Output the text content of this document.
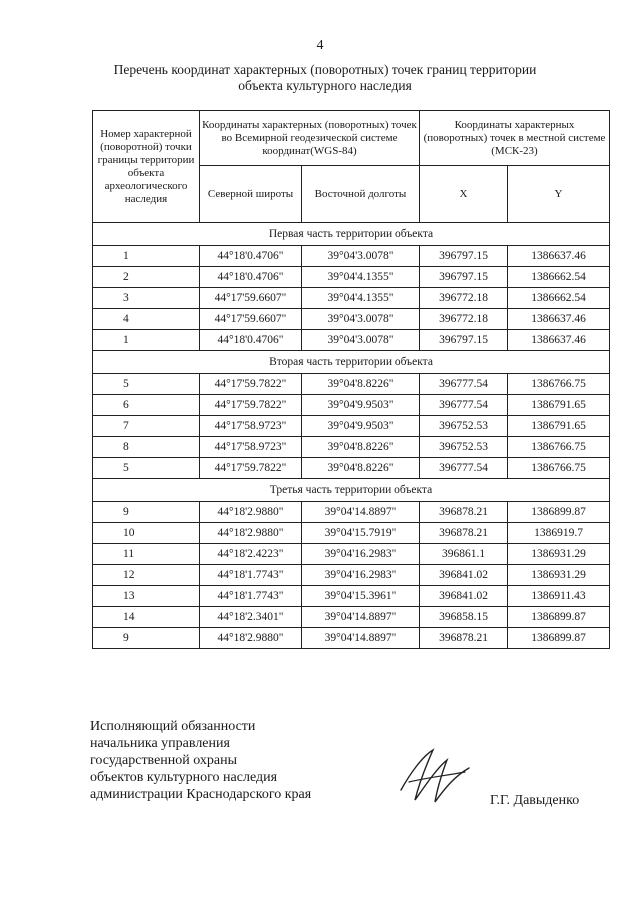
4
Перечень координат характерных (поворотных) точек границ территории
объекта культурного наследия
Номер характерной (поворотной) точки границы территории объекта археологического наследия	Координаты характерных (поворотных) точек во Всемирной геодезической системе координат(WGS-84)		Координаты характерных (поворотных) точек в местной системе (МСК-23)	
	Северной широты	Восточной долготы	X	Y
Первая часть территории объекта				
1	44°18'0.4706"	39°04'3.0078"	396797.15	1386637.46
2	44°18'0.4706"	39°04'4.1355"	396797.15	1386662.54
3	44°17'59.6607"	39°04'4.1355"	396772.18	1386662.54
4	44°17'59.6607"	39°04'3.0078"	396772.18	1386637.46
1	44°18'0.4706"	39°04'3.0078"	396797.15	1386637.46
Вторая часть территории объекта				
5	44°17'59.7822"	39°04'8.8226"	396777.54	1386766.75
6	44°17'59.7822"	39°04'9.9503"	396777.54	1386791.65
7	44°17'58.9723"	39°04'9.9503"	396752.53	1386791.65
8	44°17'58.9723"	39°04'8.8226"	396752.53	1386766.75
5	44°17'59.7822"	39°04'8.8226"	396777.54	1386766.75
Третья часть территории объекта				
9	44°18'2.9880"	39°04'14.8897"	396878.21	1386899.87
10	44°18'2.9880"	39°04'15.7919"	396878.21	1386919.7
11	44°18'2.4223"	39°04'16.2983"	396861.1	1386931.29
12	44°18'1.7743"	39°04'16.2983"	396841.02	1386931.29
13	44°18'1.7743"	39°04'15.3961"	396841.02	1386911.43
14	44°18'2.3401"	39°04'14.8897"	396858.15	1386899.87
9	44°18'2.9880"	39°04'14.8897"	396878.21	1386899.87
Исполняющий обязанности
начальника управления
государственной охраны
объектов культурного наследия
администрации Краснодарского края	Г.Г. Давыденко
